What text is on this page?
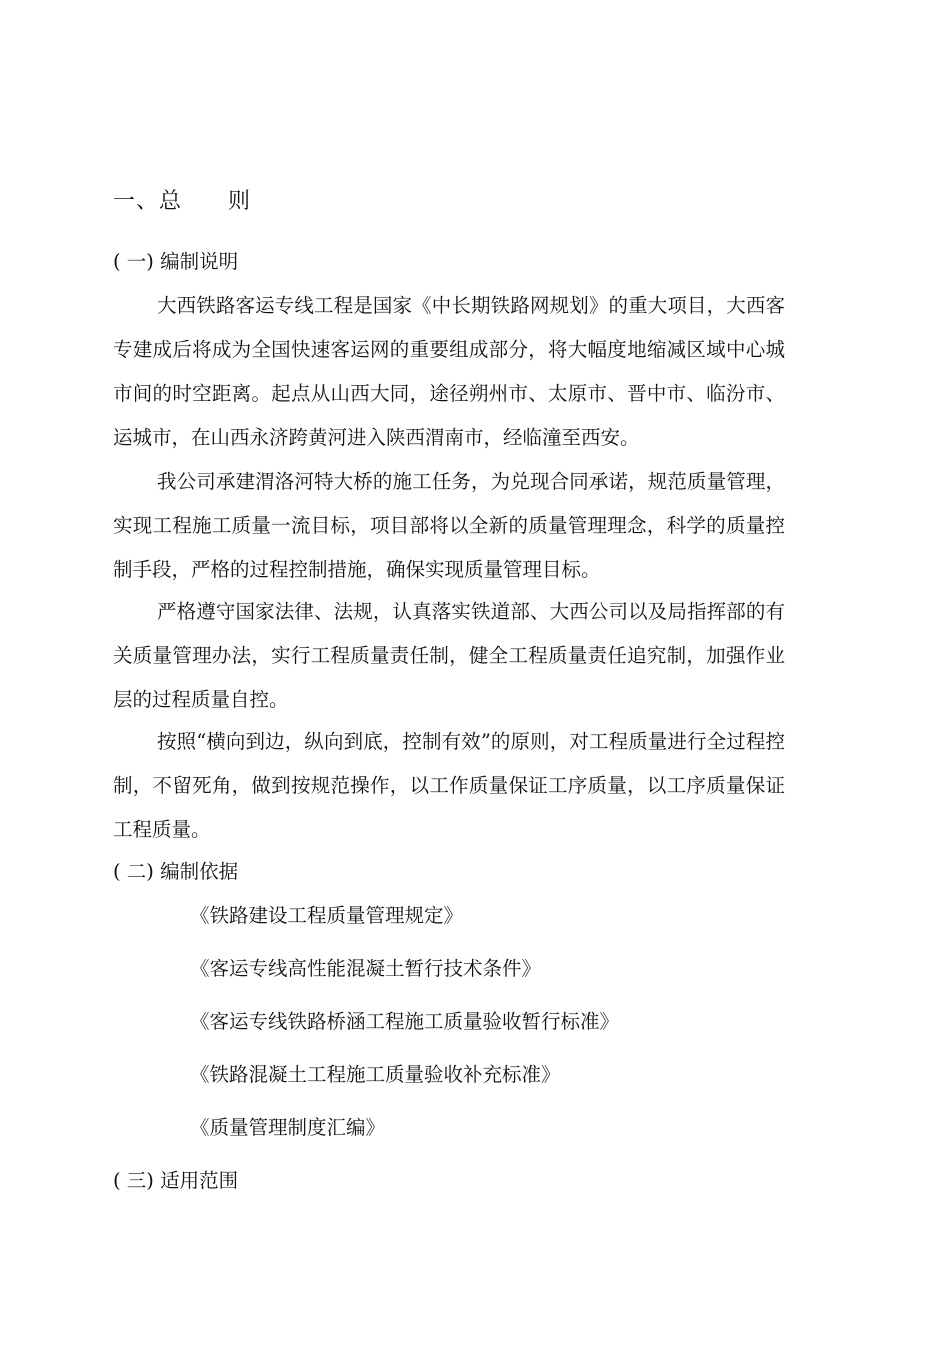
一、总　　则
( 一) 编制说明
大西铁路客运专线工程是国家《中长期铁路网规划》的重大项目，大西客专建成后将成为全国快速客运网的重要组成部分，将大幅度地缩减区域中心城市间的时空距离。起点从山西大同，途径朔州市、太原市、晋中市、临汾市、运城市，在山西永济跨黄河进入陕西渭南市，经临潼至西安。
我公司承建渭洛河特大桥的施工任务，为兑现合同承诺，规范质量管理，实现工程施工质量一流目标，项目部将以全新的质量管理理念，科学的质量控制手段，严格的过程控制措施，确保实现质量管理目标。
严格遵守国家法律、法规，认真落实铁道部、大西公司以及局指挥部的有关质量管理办法，实行工程质量责任制，健全工程质量责任追究制，加强作业层的过程质量自控。
按照“横向到边，纵向到底，控制有效”的原则，对工程质量进行全过程控制，不留死角，做到按规范操作，以工作质量保证工序质量，以工序质量保证工程质量。
( 二) 编制依据
《铁路建设工程质量管理规定》
《客运专线高性能混凝土暂行技术条件》
《客运专线铁路桥涵工程施工质量验收暂行标准》
《铁路混凝土工程施工质量验收补充标准》
《质量管理制度汇编》
( 三) 适用范围
